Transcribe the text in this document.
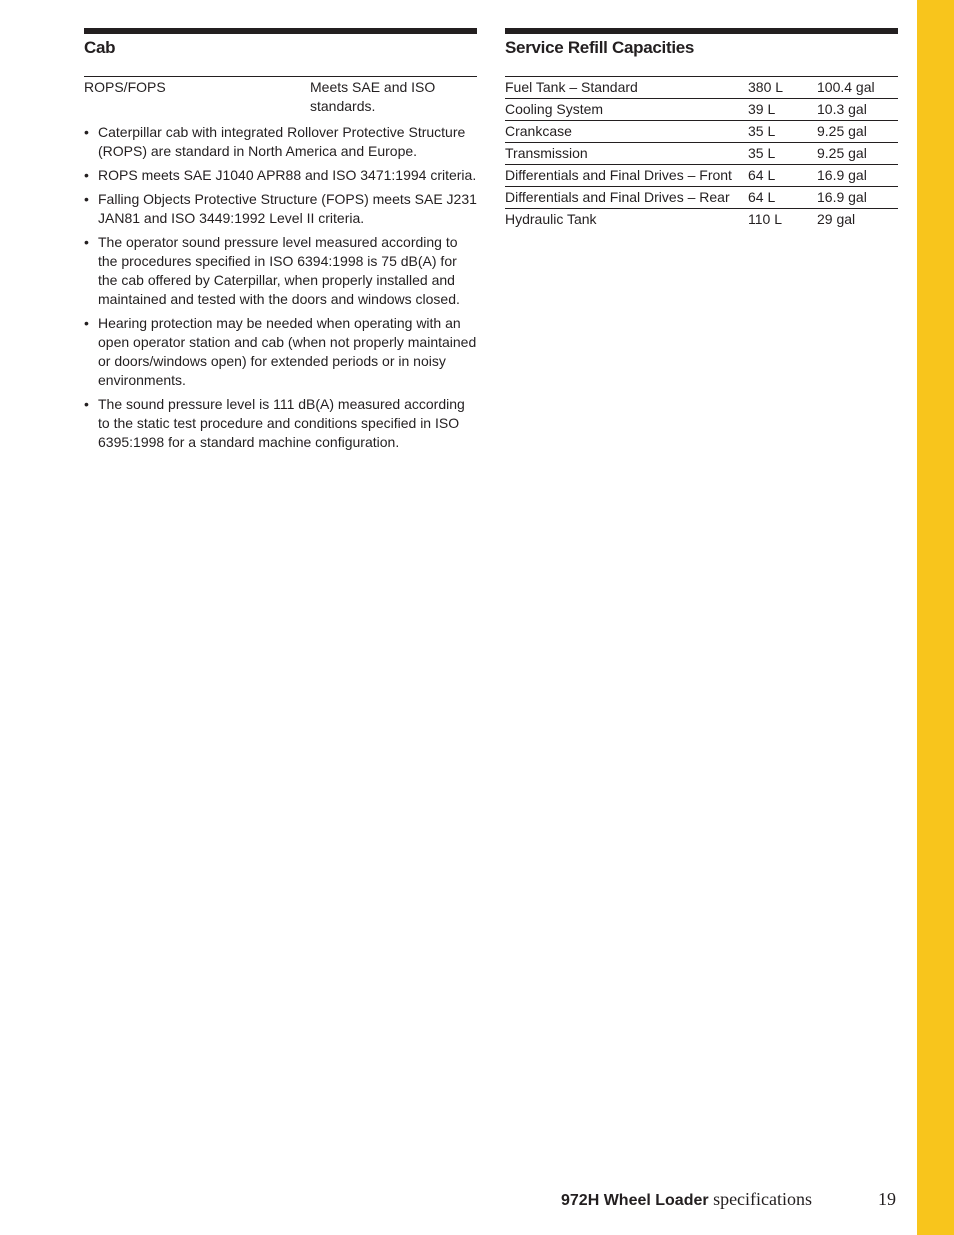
Cab
ROPS/FOPS	Meets SAE and ISO standards.
• Caterpillar cab with integrated Rollover Protective Structure (ROPS) are standard in North America and Europe.
• ROPS meets SAE J1040 APR88 and ISO 3471:1994 criteria.
• Falling Objects Protective Structure (FOPS) meets SAE J231 JAN81 and ISO 3449:1992 Level II criteria.
• The operator sound pressure level measured according to the procedures specified in ISO 6394:1998 is 75 dB(A) for the cab offered by Caterpillar, when properly installed and maintained and tested with the doors and windows closed.
• Hearing protection may be needed when operating with an open operator station and cab (when not properly maintained or doors/windows open) for extended periods or in noisy environments.
• The sound pressure level is 111 dB(A) measured according to the static test procedure and conditions specified in ISO 6395:1998 for a standard machine configuration.
Service Refill Capacities
Fuel Tank – Standard	380 L	100.4 gal
Cooling System	39 L	10.3 gal
Crankcase	35 L	9.25 gal
Transmission	35 L	9.25 gal
Differentials and Final Drives – Front	64 L	16.9 gal
Differentials and Final Drives – Rear	64 L	16.9 gal
Hydraulic Tank	110 L	29 gal
972H Wheel Loader specifications	19
